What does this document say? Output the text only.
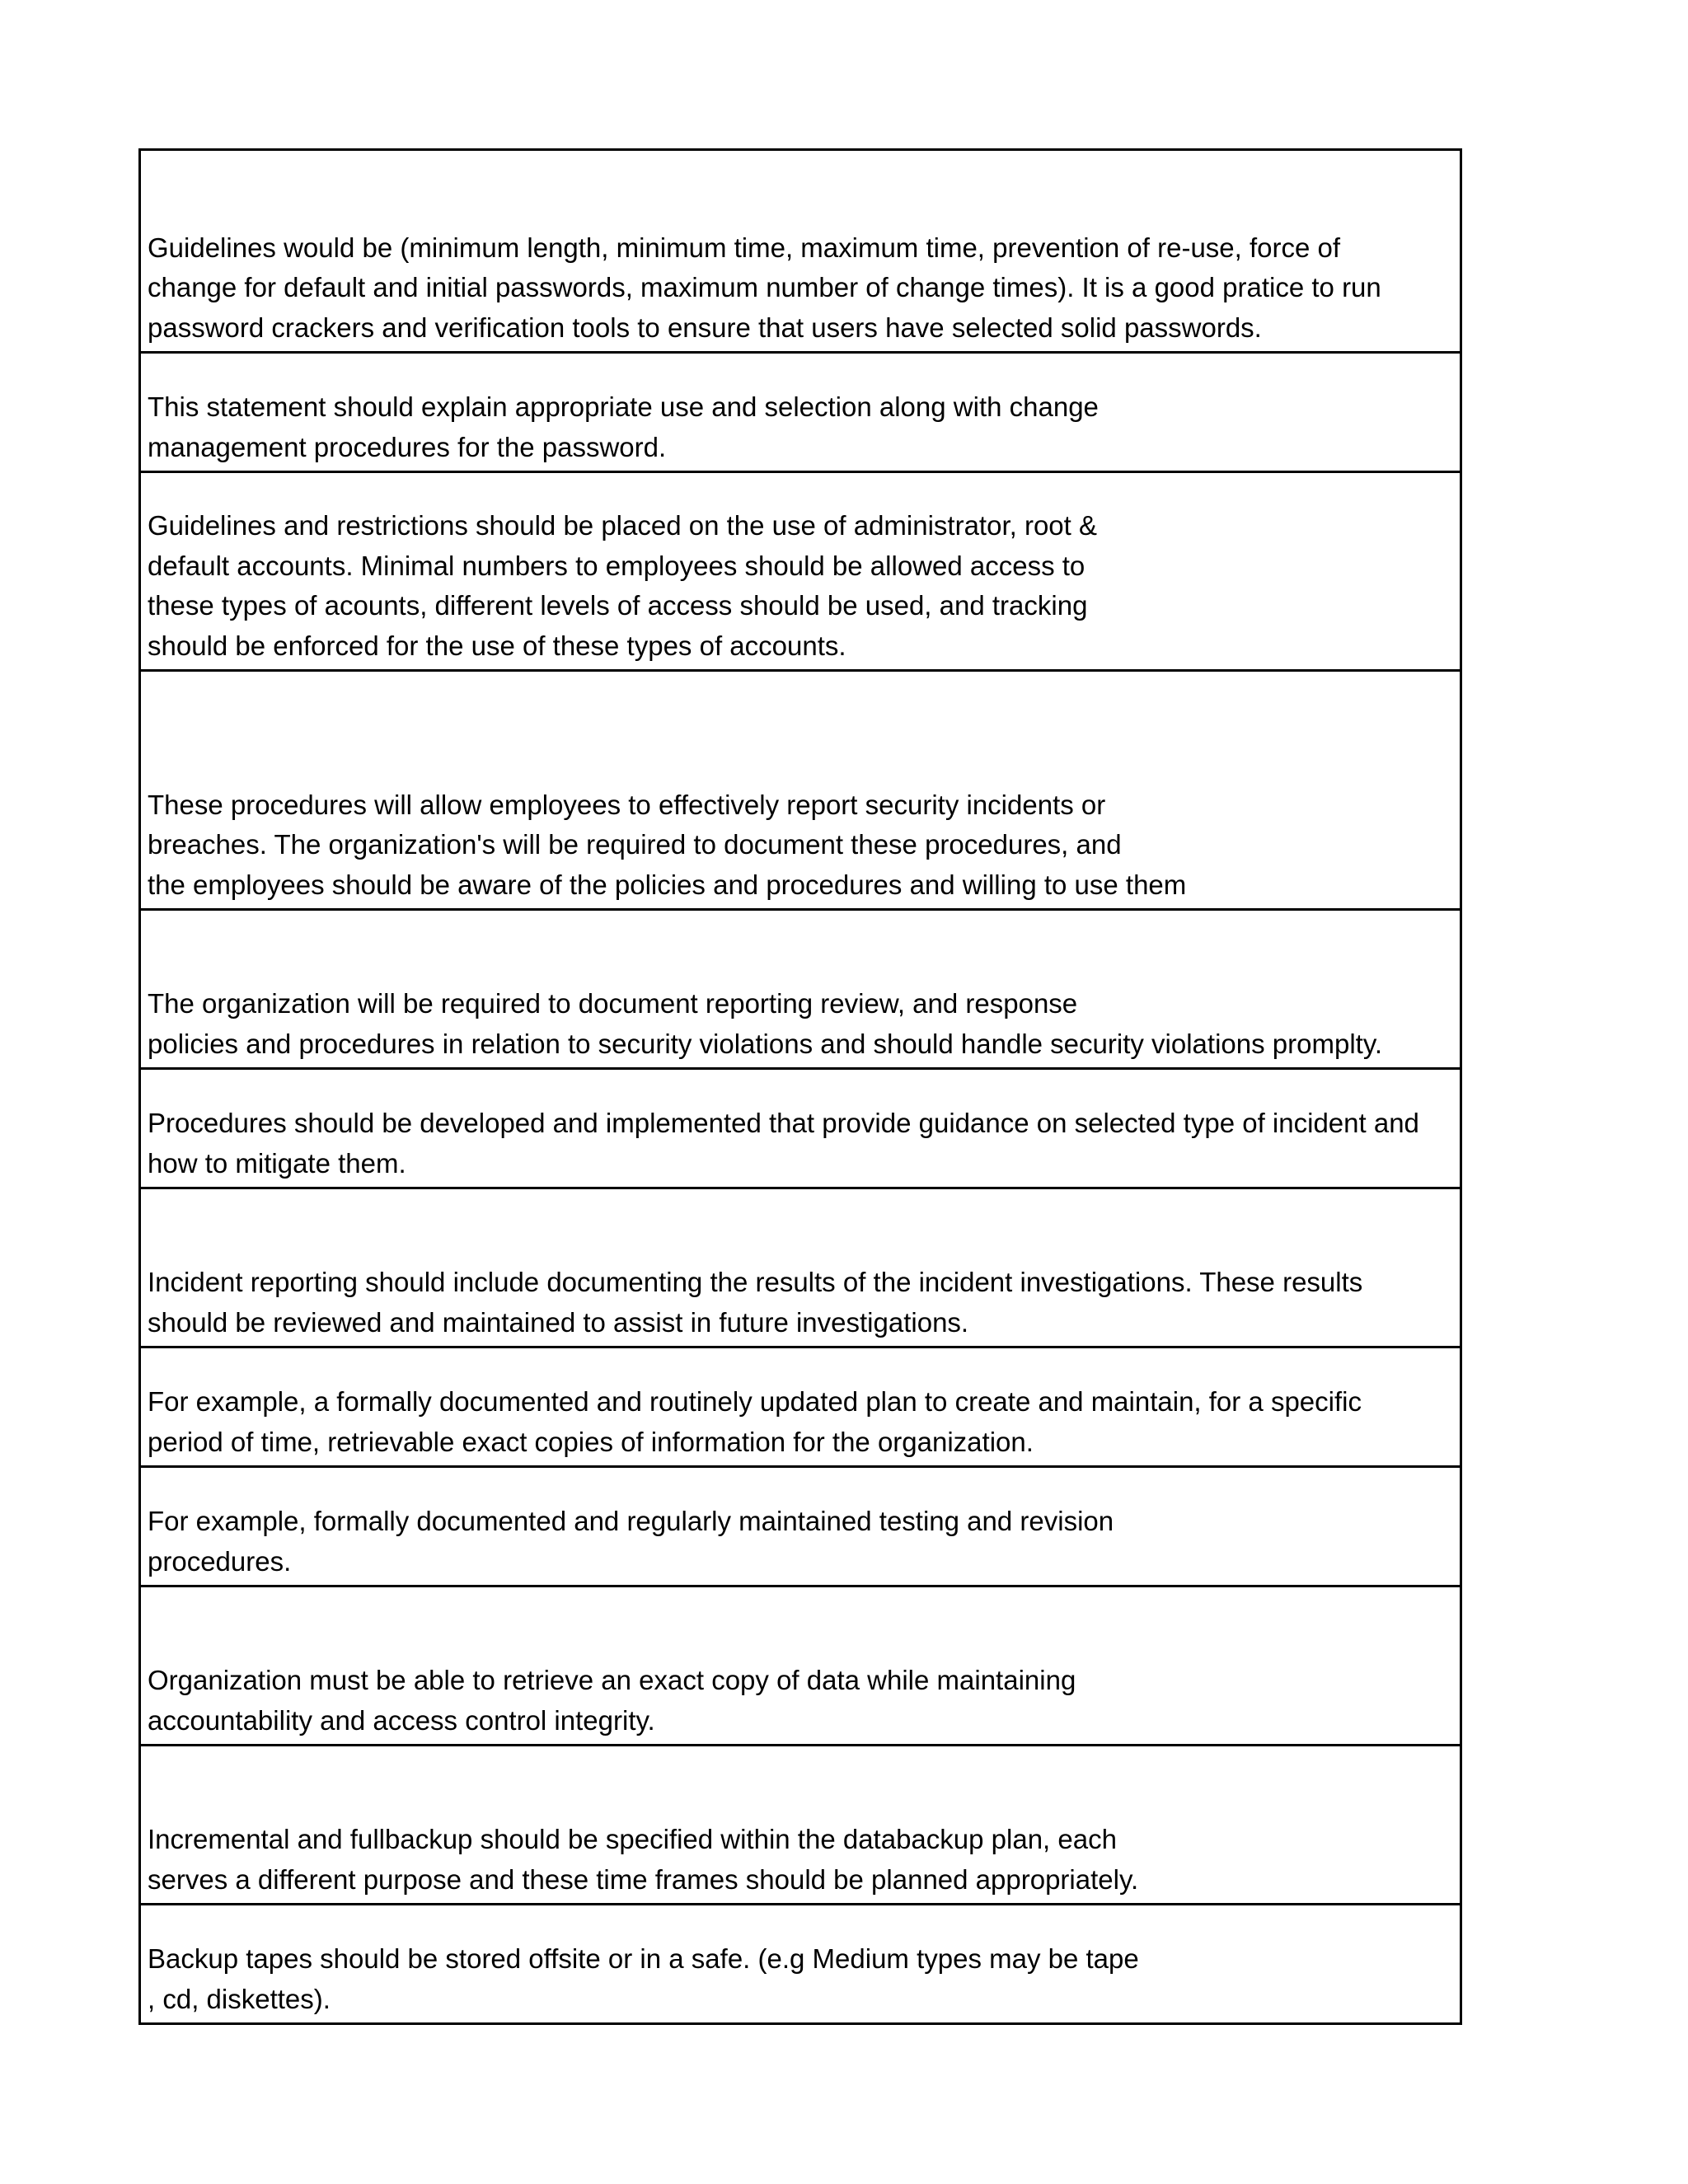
Guidelines would be (minimum length, minimum time, maximum time, prevention of re-use, force of
change for default and initial passwords, maximum number of change times). It is a good pratice to run
password crackers and verification tools to ensure that users have selected solid passwords.
This statement should explain appropriate use and selection along with change
management procedures for the password.
Guidelines and restrictions should be placed on the use of administrator, root &
default accounts. Minimal numbers to employees should be allowed access to
these types of acounts, different levels of access should be used, and tracking
should be enforced for the use of these types of accounts.
These procedures will allow employees to effectively report security incidents or
breaches. The organization's will be required to document these procedures, and
the employees should be aware of the policies and procedures and willing to use them
The organization will be required to document reporting review, and response
policies and procedures in relation to security violations and should handle security violations promplty.
Procedures should be developed and implemented that provide guidance on selected type of incident and
how to mitigate them.
Incident reporting should include documenting the results of the incident investigations. These results
should be reviewed and maintained to assist in future investigations.
For example, a formally documented and routinely updated plan to create and maintain, for a specific
period of time, retrievable exact copies of information for the organization.
For example, formally documented and regularly maintained testing and revision
procedures.
Organization must be able to retrieve an exact copy of data while maintaining
accountability and access control integrity.
Incremental and fullbackup should be specified within the databackup plan, each
serves a different purpose and these time frames should be planned appropriately.
Backup tapes should be stored offsite or in a safe. (e.g Medium types may be tape
, cd, diskettes).
